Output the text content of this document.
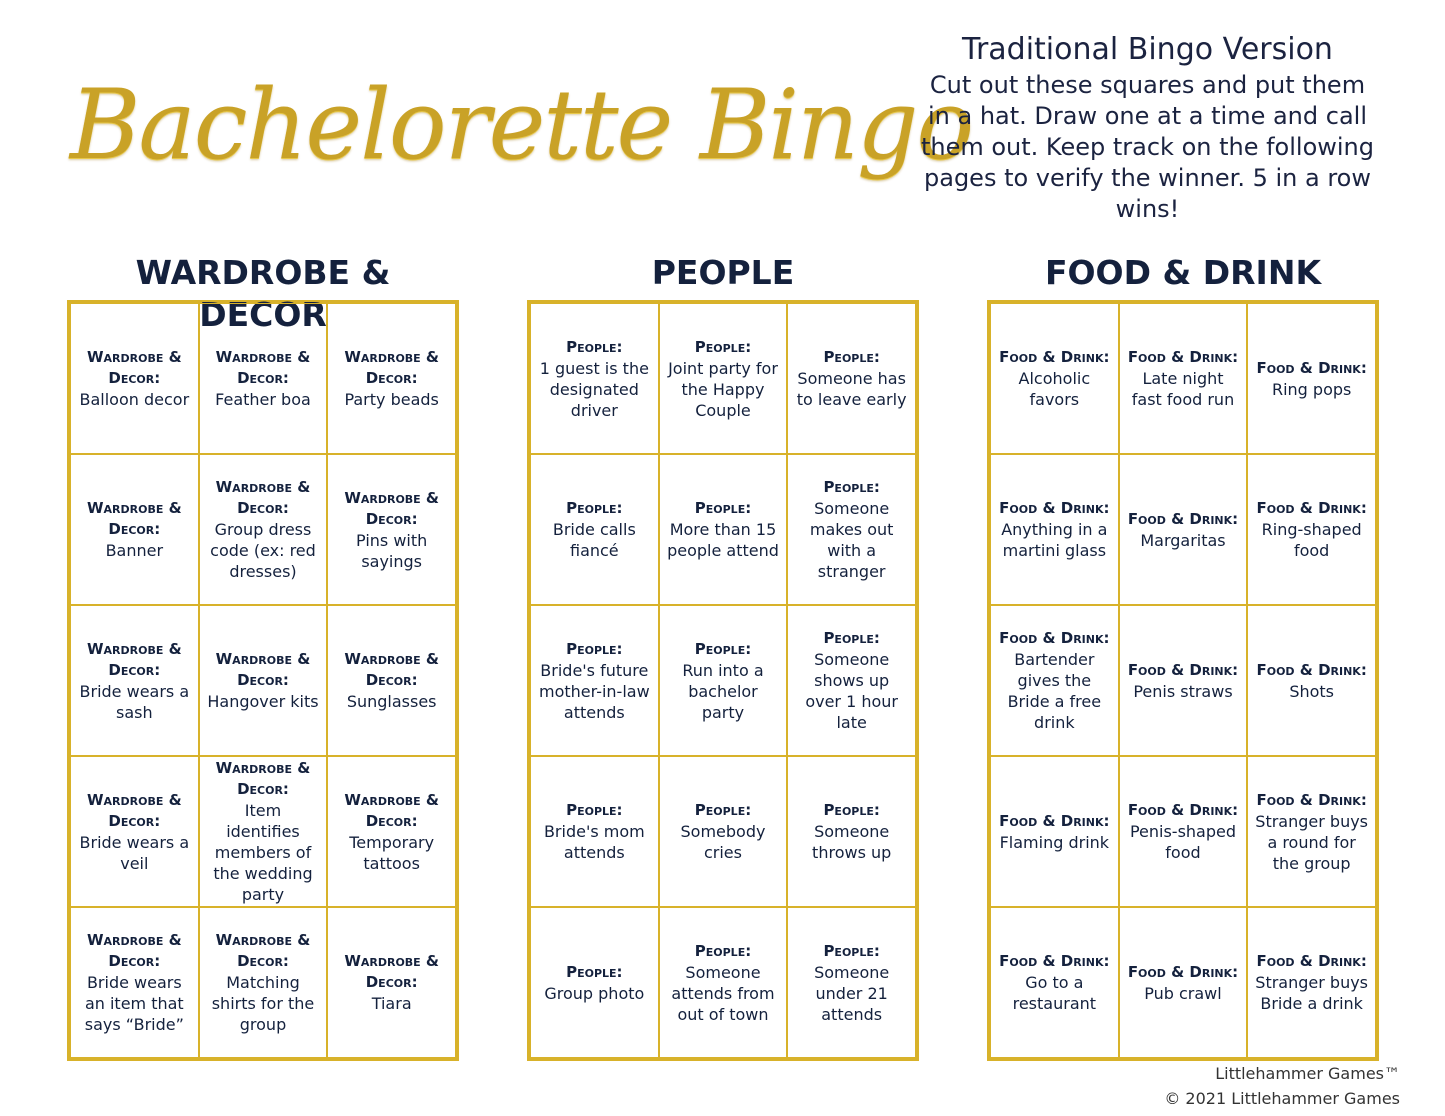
Bachelorette Bingo
Traditional Bingo Version
Cut out these squares and put them in a hat. Draw one at a time and call them out. Keep track on the following pages to verify the winner. 5 in a row wins!
WARDROBE & DECOR
Wardrobe & Decor:
Balloon decor
Wardrobe & Decor:
Feather boa
Wardrobe & Decor:
Party beads
Wardrobe & Decor:
Banner
Wardrobe & Decor:
Group dress code (ex: red dresses)
Wardrobe & Decor:
Pins with sayings
Wardrobe & Decor:
Bride wears a sash
Wardrobe & Decor:
Hangover kits
Wardrobe & Decor:
Sunglasses
Wardrobe & Decor:
Bride wears a veil
Wardrobe & Decor:
Item identifies members of the wedding party
Wardrobe & Decor:
Temporary tattoos
Wardrobe & Decor:
Bride wears an item that says “Bride”
Wardrobe & Decor:
Matching shirts for the group
Wardrobe & Decor:
Tiara
PEOPLE
People:
1 guest is the designated driver
People:
Joint party for the Happy Couple
People:
Someone has to leave early
People:
Bride calls fiancé
People:
More than 15 people attend
People:
Someone makes out with a stranger
People:
Bride's future mother-in-law attends
People:
Run into a bachelor party
People:
Someone shows up over 1 hour late
People:
Bride's mom attends
People:
Somebody cries
People:
Someone throws up
People:
Group photo
People:
Someone attends from out of town
People:
Someone under 21 attends
FOOD & DRINK
Food & Drink:
Alcoholic favors
Food & Drink:
Late night fast food run
Food & Drink:
Ring pops
Food & Drink:
Anything in a martini glass
Food & Drink:
Margaritas
Food & Drink:
Ring-shaped food
Food & Drink:
Bartender gives the Bride a free drink
Food & Drink:
Penis straws
Food & Drink:
Shots
Food & Drink:
Flaming drink
Food & Drink:
Penis-shaped food
Food & Drink:
Stranger buys a round for the group
Food & Drink:
Go to a restaurant
Food & Drink:
Pub crawl
Food & Drink:
Stranger buys Bride a drink
Littlehammer Games™
© 2021 Littlehammer Games
